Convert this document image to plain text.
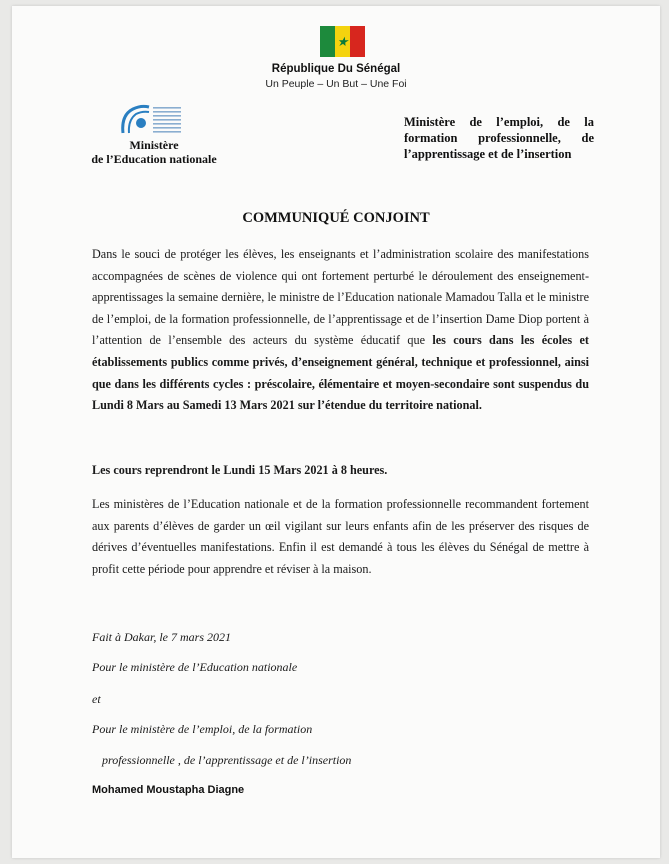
★
République Du Sénégal
Un Peuple – Un But – Une Foi
Ministère
de l’Education nationale
Ministère de l’emploi, de la formation professionnelle, de l’apprentissage et de l’insertion
COMMUNIQUÉ CONJOINT
Dans le souci de protéger les élèves, les enseignants et l’administration scolaire des manifestations accompagnées de scènes de violence qui ont fortement perturbé le déroulement des enseignement-apprentissages la semaine dernière, le ministre de l’Education nationale Mamadou Talla et le ministre de l’emploi, de la formation professionnelle, de l’apprentissage et de l’insertion Dame Diop portent à l’attention de l’ensemble des acteurs du système éducatif que les cours dans les écoles et établissements publics comme privés, d’enseignement général, technique et professionnel, ainsi que dans les différents cycles : préscolaire, élémentaire et moyen-secondaire sont suspendus du Lundi 8 Mars au Samedi 13 Mars 2021 sur l’étendue du territoire national.
Les cours reprendront le Lundi 15 Mars 2021 à 8 heures.
Les ministères de l’Education nationale et de la formation professionnelle recommandent fortement aux parents d’élèves de garder un œil vigilant sur leurs enfants afin de les préserver des risques de dérives d’éventuelles manifestations. Enfin il est demandé à tous les élèves du Sénégal de mettre à profit cette période pour apprendre et réviser à la maison.
Fait à Dakar, le 7 mars 2021
Pour le ministère de l’Education nationale
et
Pour le ministère de l’emploi, de la formation
professionnelle , de l’apprentissage et de l’insertion
Mohamed Moustapha Diagne
